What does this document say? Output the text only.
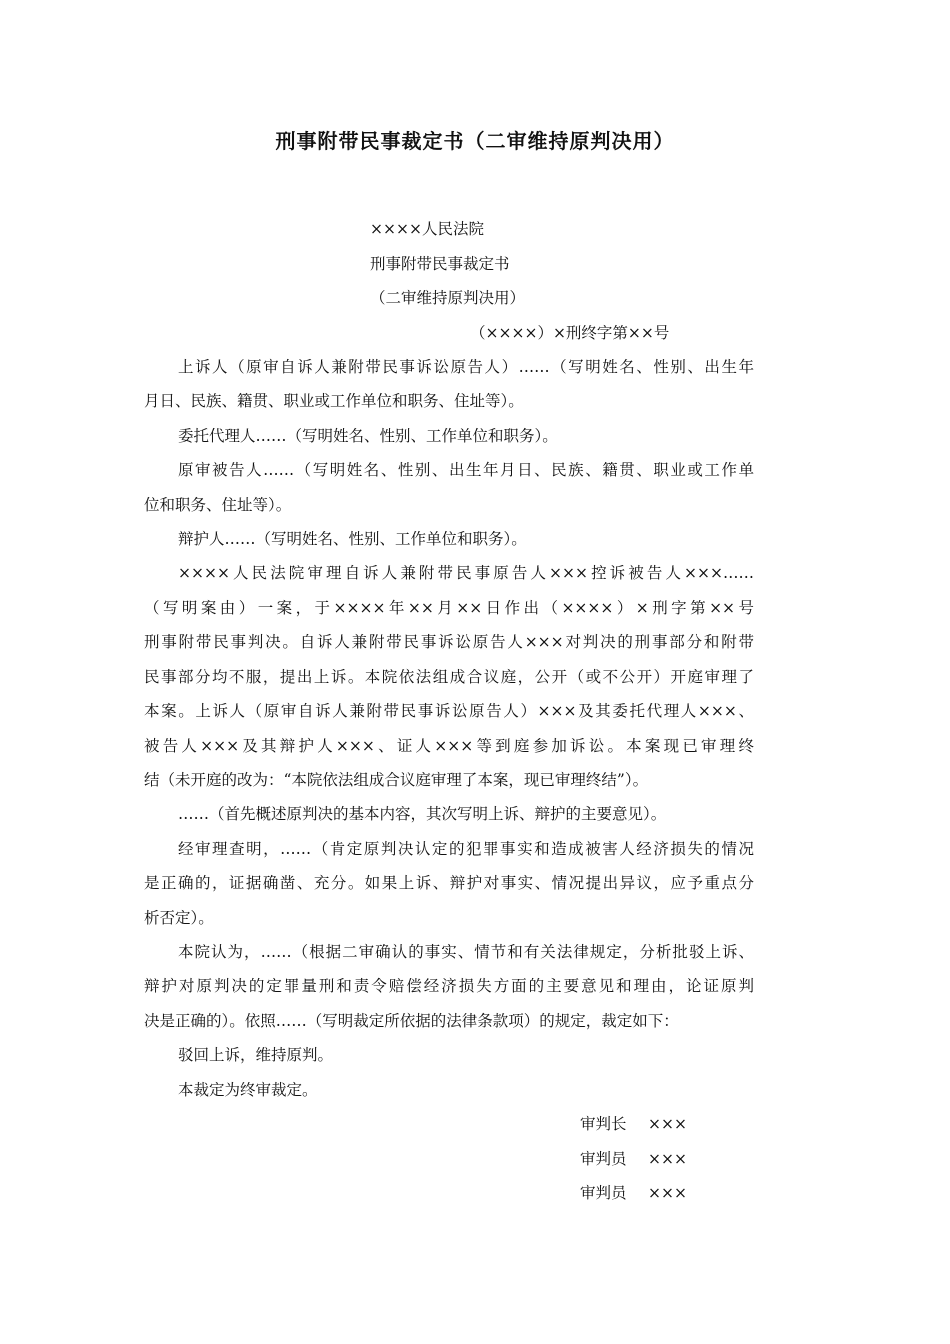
刑事附带民事裁定书（二审维持原判决用）
××××人民法院
刑事附带民事裁定书
（二审维持原判决用）
（××××）×刑终字第××号
上诉人（原审自诉人兼附带民事诉讼原告人）……（写明姓名、性别、出生年
月日、民族、籍贯、职业或工作单位和职务、住址等）。
委托代理人……（写明姓名、性别、工作单位和职务）。
原审被告人……（写明姓名、性别、出生年月日、民族、籍贯、职业或工作单
位和职务、住址等）。
辩护人……（写明姓名、性别、工作单位和职务）。
××××人民法院审理自诉人兼附带民事原告人×××控诉被告人×××……
（写明案由）一案，于××××年××月××日作出（××××）×刑字第××号
刑事附带民事判决。自诉人兼附带民事诉讼原告人×××对判决的刑事部分和附带
民事部分均不服，提出上诉。本院依法组成合议庭，公开（或不公开）开庭审理了
本案。上诉人（原审自诉人兼附带民事诉讼原告人）×××及其委托代理人×××、
被告人×××及其辩护人×××、证人×××等到庭参加诉讼。本案现已审理终
结（未开庭的改为：“本院依法组成合议庭审理了本案，现已审理终结”）。
……（首先概述原判决的基本内容，其次写明上诉、辩护的主要意见）。
经审理查明，……（肯定原判决认定的犯罪事实和造成被害人经济损失的情况
是正确的，证据确凿、充分。如果上诉、辩护对事实、情况提出异议，应予重点分
析否定）。
本院认为，……（根据二审确认的事实、情节和有关法律规定，分析批驳上诉、
辩护对原判决的定罪量刑和责令赔偿经济损失方面的主要意见和理由，论证原判
决是正确的）。依照……（写明裁定所依据的法律条款项）的规定，裁定如下：
驳回上诉，维持原判。
本裁定为终审裁定。
审判长 ×××
审判员 ×××
审判员 ×××
